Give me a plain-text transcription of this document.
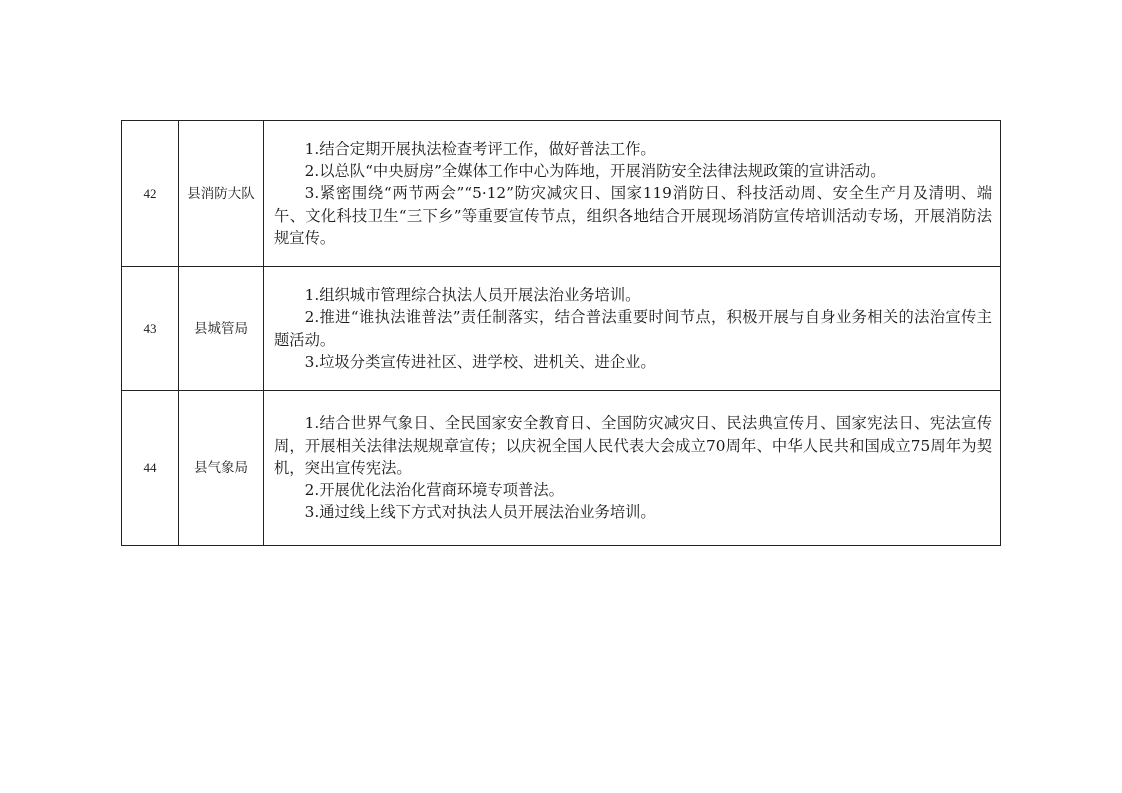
42	县消防大队	1.结合定期开展执法检查考评工作，做好普法工作。

2.以总队“中央厨房”全媒体工作中心为阵地，开展消防安全法律法规政策的宣讲活动。

3.紧密围绕“两节两会”“5·12”防灾减灾日、国家119消防日、科技活动周、安全生产月及清明、端午、文化科技卫生“三下乡”等重要宣传节点，组织各地结合开展现场消防宣传培训活动专场，开展消防法规宣传。

43	县城管局	1.组织城市管理综合执法人员开展法治业务培训。

2.推进“谁执法谁普法”责任制落实，结合普法重要时间节点，积极开展与自身业务相关的法治宣传主题活动。

3.垃圾分类宣传进社区、进学校、进机关、进企业。

44	县气象局	1.结合世界气象日、全民国家安全教育日、全国防灾减灾日、民法典宣传月、国家宪法日、宪法宣传周，开展相关法律法规规章宣传；以庆祝全国人民代表大会成立70周年、中华人民共和国成立75周年为契机，突出宣传宪法。

2.开展优化法治化营商环境专项普法。

3.通过线上线下方式对执法人员开展法治业务培训。
